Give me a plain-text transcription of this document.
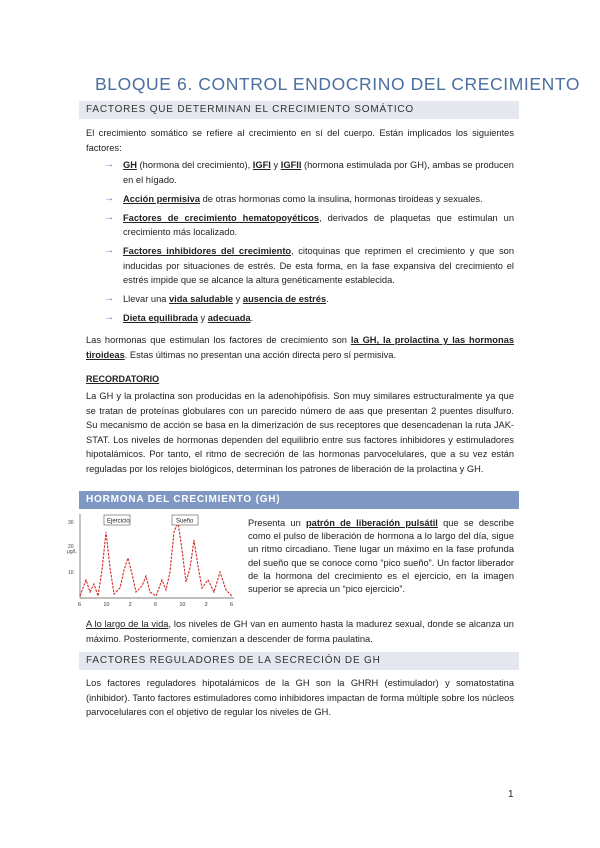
BLOQUE 6. CONTROL ENDOCRINO DEL CRECIMIENTO
FACTORES QUE DETERMINAN EL CRECIMIENTO SOMÁTICO
El crecimiento somático se refiere al crecimiento en sí del cuerpo. Están implicados los siguientes factores:
→ GH (hormona del crecimiento), IGFI y IGFII (hormona estimulada por GH), ambas se producen en el hígado.
→ Acción permisiva de otras hormonas como la insulina, hormonas tiroideas y sexuales.
→ Factores de crecimiento hematopoyéticos, derivados de plaquetas que estimulan un crecimiento más localizado.
→ Factores inhibidores del crecimiento, citoquinas que reprimen el crecimiento y que son inducidas por situaciones de estrés. De esta forma, en la fase expansiva del crecimiento el estrés impide que se alcance la altura genéticamente establecida.
→ Llevar una vida saludable y ausencia de estrés.
→ Dieta equilibrada y adecuada.
Las hormonas que estimulan los factores de crecimiento son la GH, la prolactina y las hormonas tiroideas. Estas últimas no presentan una acción directa pero sí permisiva.
RECORDATORIO
La GH y la prolactina son producidas en la adenohipófisis. Son muy similares estructuralmente ya que se tratan de proteínas globulares con un parecido número de aas que presentan 2 puentes disulfuro. Su mecanismo de acción se basa en la dimerización de sus receptores que desencadenan la ruta JAK-STAT. Los niveles de hormonas dependen del equilibrio entre sus factores inhibidores y estimuladores hipotalámicos. Por tanto, el ritmo de secreción de las hormonas parvocelulares, que a su vez están reguladas por los relojes biológicos, determinan los patrones de liberación de la prolactina y GH.
HORMONA DEL CRECIMIENTO (GH)
30
20
10
6	10	2	6	10	2	6
μg/L
Ejercicio	Sueño	Presenta un patrón de liberación pulsátil que se describe como el pulso de liberación de hormona a lo largo del día, sigue un ritmo circadiano. Tiene lugar un máximo en la fase profunda del sueño que se conoce como “pico sueño”. Un factor liberador de la hormona del crecimiento es el ejercicio, en la imagen superior se aprecia un “pico ejercicio”.
A lo largo de la vida, los niveles de GH van en aumento hasta la madurez sexual, donde se alcanza un máximo. Posteriormente, comienzan a descender de forma paulatina.
FACTORES REGULADORES DE LA SECRECIÓN DE GH
Los factores reguladores hipotalámicos de la GH son la GHRH (estimulador) y somatostatina (inhibidor). Tanto factores estimuladores como inhibidores impactan de forma múltiple sobre los núcleos parvocelulares con el objetivo de regular los niveles de GH.
1
